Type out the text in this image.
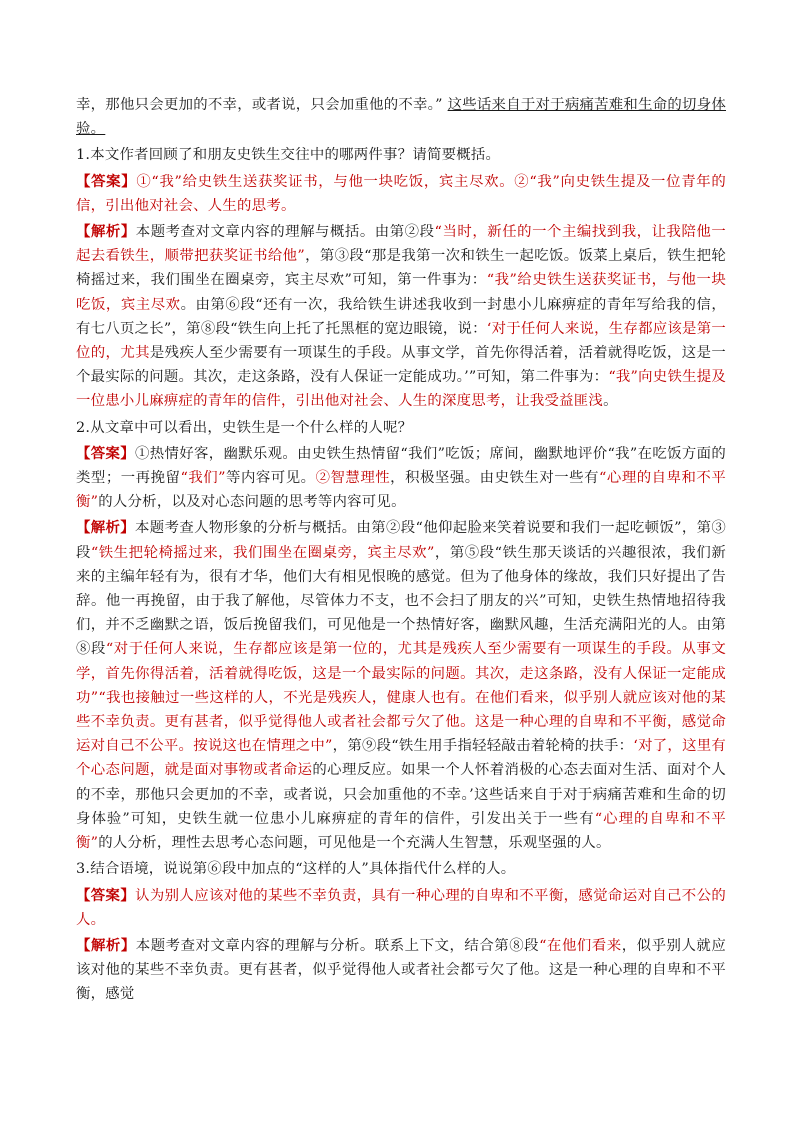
幸，那他只会更加的不幸，或者说，只会加重他的不幸。” 这些话来自于对于病痛苦难和生命的切身体验。

1.本文作者回顾了和朋友史铁生交往中的哪两件事？请简要概括。

【答案】①“我”给史铁生送获奖证书，与他一块吃饭，宾主尽欢。②“我”向史铁生提及一位青年的信，引出他对社会、人生的思考。

【解析】本题考查对文章内容的理解与概括。由第②段“当时，新任的一个主编找到我，让我陪他一起去看铁生，顺带把获奖证书给他”，第③段“那是我第一次和铁生一起吃饭。饭菜上桌后，铁生把轮椅摇过来，我们围坐在圈桌旁，宾主尽欢”可知，第一件事为：“我”给史铁生送获奖证书，与他一块吃饭，宾主尽欢。由第⑥段“还有一次，我给铁生讲述我收到一封患小儿麻痹症的青年写给我的信，有七八页之长”，第⑧段“铁生向上托了托黑框的宽边眼镜，说：‘对于任何人来说，生存都应该是第一位的，尤其是残疾人至少需要有一项谋生的手段。从事文学，首先你得活着，活着就得吃饭，这是一个最实际的问题。其次，走这条路，没有人保证一定能成功。’”可知，第二件事为：“我”向史铁生提及一位患小儿麻痹症的青年的信件，引出他对社会、人生的深度思考，让我受益匪浅。

2.从文章中可以看出，史铁生是一个什么样的人呢？

【答案】①热情好客，幽默乐观。由史铁生热情留“我们”吃饭；席间，幽默地评价“我”在吃饭方面的类型；一再挽留“我们”等内容可见。②智慧理性，积极坚强。由史铁生对一些有“心理的自卑和不平衡”的人分析，以及对心态问题的思考等内容可见。

【解析】本题考查人物形象的分析与概括。由第②段“他仰起脸来笑着说要和我们一起吃顿饭”，第③段“铁生把轮椅摇过来，我们围坐在圈桌旁，宾主尽欢”，第⑤段“铁生那天谈话的兴趣很浓，我们新来的主编年轻有为，很有才华，他们大有相见恨晚的感觉。但为了他身体的缘故，我们只好提出了告辞。他一再挽留，由于我了解他，尽管体力不支，也不会扫了朋友的兴”可知，史铁生热情地招待我们，并不乏幽默之语，饭后挽留我们，可见他是一个热情好客，幽默风趣，生活充满阳光的人。由第⑧段“对于任何人来说，生存都应该是第一位的，尤其是残疾人至少需要有一项谋生的手段。从事文学，首先你得活着，活着就得吃饭，这是一个最实际的问题。其次，走这条路，没有人保证一定能成功”“我也接触过一些这样的人，不光是残疾人，健康人也有。在他们看来，似乎别人就应该对他的某些不幸负责。更有甚者，似乎觉得他人或者社会都亏欠了他。这是一种心理的自卑和不平衡，感觉命运对自己不公平。按说这也在情理之中”，第⑨段“铁生用手指轻轻敲击着轮椅的扶手：‘对了，这里有个心态问题，就是面对事物或者命运的心理反应。如果一个人怀着消极的心态去面对生活、面对个人的不幸，那他只会更加的不幸，或者说，只会加重他的不幸。’这些话来自于对于病痛苦难和生命的切身体验”可知，史铁生就一位患小儿麻痹症的青年的信件，引发出关于一些有“心理的自卑和不平衡”的人分析，理性去思考心态问题，可见他是一个充满人生智慧，乐观坚强的人。

3.结合语境，说说第⑥段中加点的“这样的人”具体指代什么样的人。

【答案】认为别人应该对他的某些不幸负责，具有一种心理的自卑和不平衡，感觉命运对自己不公的人。

【解析】本题考查对文章内容的理解与分析。联系上下文，结合第⑧段“在他们看来，似乎别人就应该对他的某些不幸负责。更有甚者，似乎觉得他人或者社会都亏欠了他。这是一种心理的自卑和不平衡，感觉
